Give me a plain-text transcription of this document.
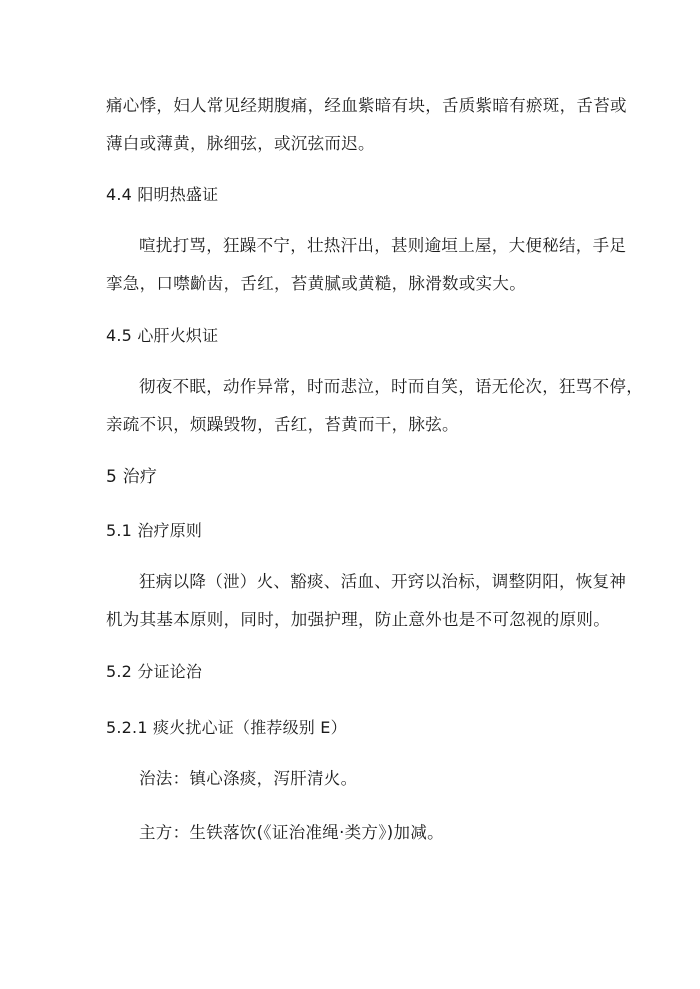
痛心悸，妇人常见经期腹痛，经血紫暗有块，舌质紫暗有瘀斑，舌苔或
薄白或薄黄，脉细弦，或沉弦而迟。
4.4 阳明热盛证
喧扰打骂，狂躁不宁，壮热汗出，甚则逾垣上屋，大便秘结，手足
挛急，口噤齘齿，舌红，苔黄腻或黄糙，脉滑数或实大。
4.5 心肝火炽证
彻夜不眠，动作异常，时而悲泣，时而自笑，语无伦次，狂骂不停，
亲疏不识，烦躁毁物，舌红，苔黄而干，脉弦。
5 治疗
5.1 治疗原则
狂病以降（泄）火、豁痰、活血、开窍以治标，调整阴阳，恢复神
机为其基本原则，同时，加强护理，防止意外也是不可忽视的原则。
5.2 分证论治
5.2.1 痰火扰心证（推荐级别 E）
治法：镇心涤痰，泻肝清火。
主方：生铁落饮(《证治准绳·类方》)加减。
